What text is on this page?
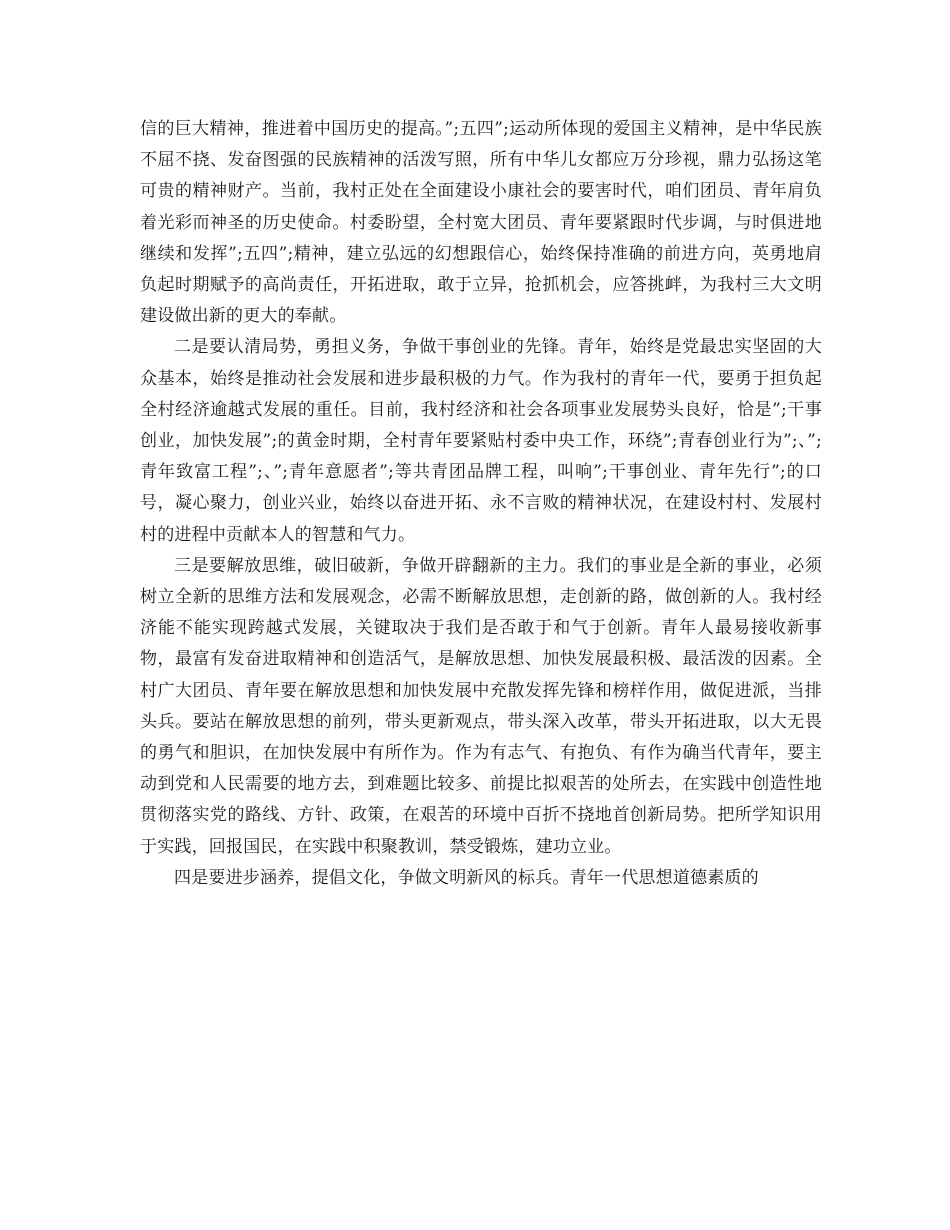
信的巨大精神，推进着中国历史的提高。”;五四”;运动所体现的爱国主义精神，是中华民族不屈不挠、发奋图强的民族精神的活泼写照，所有中华儿女都应万分珍视，鼎力弘扬这笔可贵的精神财产。当前，我村正处在全面建设小康社会的要害时代，咱们团员、青年肩负着光彩而神圣的历史使命。村委盼望，全村宽大团员、青年要紧跟时代步调，与时俱进地继续和发挥”;五四”;精神，建立弘远的幻想跟信心，始终保持准确的前进方向，英勇地肩负起时期赋予的高尚责任，开拓进取，敢于立异，抢抓机会，应答挑衅，为我村三大文明建设做出新的更大的奉献。

二是要认清局势，勇担义务，争做干事创业的先锋。青年，始终是党最忠实坚固的大众基本，始终是推动社会发展和进步最积极的力气。作为我村的青年一代，要勇于担负起全村经济逾越式发展的重任。目前，我村经济和社会各项事业发展势头良好，恰是”;干事创业，加快发展”;的黄金时期，全村青年要紧贴村委中央工作，环绕”;青春创业行为”;、”;青年致富工程”;、”;青年意愿者”;等共青团品牌工程，叫响”;干事创业、青年先行”;的口号，凝心聚力，创业兴业，始终以奋进开拓、永不言败的精神状况，在建设村村、发展村村的进程中贡献本人的智慧和气力。

三是要解放思维，破旧破新，争做开辟翻新的主力。我们的事业是全新的事业，必须树立全新的思维方法和发展观念，必需不断解放思想，走创新的路，做创新的人。我村经济能不能实现跨越式发展，关键取决于我们是否敢于和气于创新。青年人最易接收新事物，最富有发奋进取精神和创造活气，是解放思想、加快发展最积极、最活泼的因素。全村广大团员、青年要在解放思想和加快发展中充散发挥先锋和榜样作用，做促进派，当排头兵。要站在解放思想的前列，带头更新观点，带头深入改革，带头开拓进取，以大无畏的勇气和胆识，在加快发展中有所作为。作为有志气、有抱负、有作为确当代青年，要主动到党和人民需要的地方去，到难题比较多、前提比拟艰苦的处所去，在实践中创造性地贯彻落实党的路线、方针、政策，在艰苦的环境中百折不挠地首创新局势。把所学知识用于实践，回报国民，在实践中积聚教训，禁受锻炼，建功立业。

四是要进步涵养，提倡文化，争做文明新风的标兵。青年一代思想道德素质的
